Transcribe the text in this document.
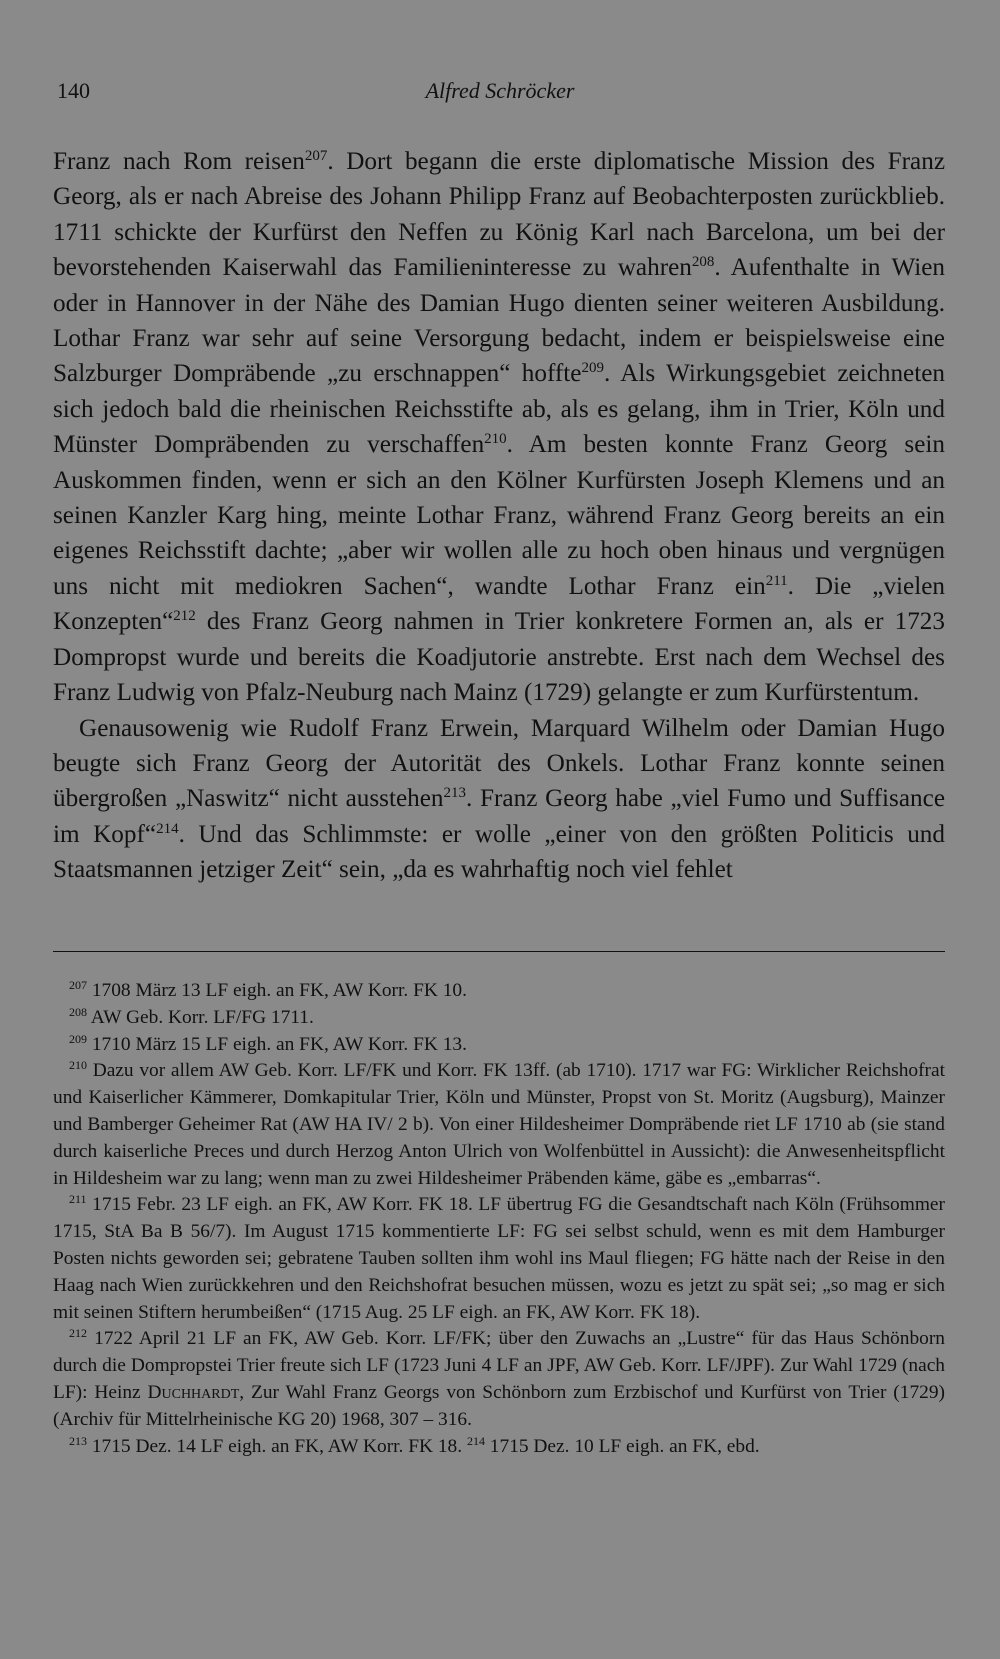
140	Alfred Schröcker

Franz nach Rom reisen$^{207}$. Dort begann die erste diplomatische Mission des Franz Georg, als er nach Abreise des Johann Philipp Franz auf Beobachterposten zurückblieb. 1711 schickte der Kurfürst den Neffen zu König Karl nach Barcelona, um bei der bevorstehenden Kaiserwahl das Familieninteresse zu wahren$^{208}$. Aufenthalte in Wien oder in Hannover in der Nähe des Damian Hugo dienten seiner weiteren Ausbildung. Lothar Franz war sehr auf seine Versorgung bedacht, indem er beispielsweise eine Salzburger Dompräbende „zu erschnappen“ hoffte$^{209}$. Als Wirkungsgebiet zeichneten sich jedoch bald die rheinischen Reichsstifte ab, als es gelang, ihm in Trier, Köln und Münster Dompräbenden zu verschaffen$^{210}$. Am besten konnte Franz Georg sein Auskommen finden, wenn er sich an den Kölner Kurfürsten Joseph Klemens und an seinen Kanzler Karg hing, meinte Lothar Franz, während Franz Georg bereits an ein eigenes Reichsstift dachte; „aber wir wollen alle zu hoch oben hinaus und vergnügen uns nicht mit mediokren Sachen“, wandte Lothar Franz ein$^{211}$. Die „vielen Konzepten“$^{212}$ des Franz Georg nahmen in Trier konkretere Formen an, als er 1723 Dompropst wurde und bereits die Koadjutorie anstrebte. Erst nach dem Wechsel des Franz Ludwig von Pfalz-Neuburg nach Mainz (1729) gelangte er zum Kurfürstentum.

Genausowenig wie Rudolf Franz Erwein, Marquard Wilhelm oder Damian Hugo beugte sich Franz Georg der Autorität des Onkels. Lothar Franz konnte seinen übergroßen „Naswitz“ nicht ausstehen$^{213}$. Franz Georg habe „viel Fumo und Suffisance im Kopf“$^{214}$. Und das Schlimmste: er wolle „einer von den größten Politicis und Staatsmannen jetziger Zeit“ sein, „da es wahrhaftig noch viel fehlet

$^{207}$ 1708 März 13 LF eigh. an FK, AW Korr. FK 10.

$^{208}$ AW Geb. Korr. LF/FG 1711.

$^{209}$ 1710 März 15 LF eigh. an FK, AW Korr. FK 13.

$^{210}$ Dazu vor allem AW Geb. Korr. LF/FK und Korr. FK 13ff. (ab 1710). 1717 war FG: Wirklicher Reichshofrat und Kaiserlicher Kämmerer, Domkapitular Trier, Köln und Münster, Propst von St. Moritz (Augsburg), Mainzer und Bamberger Geheimer Rat (AW HA IV/ 2 b). Von einer Hildesheimer Dompräbende riet LF 1710 ab (sie stand durch kaiserliche Preces und durch Herzog Anton Ulrich von Wolfenbüttel in Aussicht): die Anwesenheitspflicht in Hildesheim war zu lang; wenn man zu zwei Hildesheimer Präbenden käme, gäbe es „embarras“.

$^{211}$ 1715 Febr. 23 LF eigh. an FK, AW Korr. FK 18. LF übertrug FG die Gesandtschaft nach Köln (Frühsommer 1715, StA Ba B 56/7). Im August 1715 kommentierte LF: FG sei selbst schuld, wenn es mit dem Hamburger Posten nichts geworden sei; gebratene Tauben sollten ihm wohl ins Maul fliegen; FG hätte nach der Reise in den Haag nach Wien zurückkehren und den Reichshofrat besuchen müssen, wozu es jetzt zu spät sei; „so mag er sich mit seinen Stiftern herumbeißen“ (1715 Aug. 25 LF eigh. an FK, AW Korr. FK 18).

$^{212}$ 1722 April 21 LF an FK, AW Geb. Korr. LF/FK; über den Zuwachs an „Lustre“ für das Haus Schönborn durch die Dompropstei Trier freute sich LF (1723 Juni 4 LF an JPF, AW Geb. Korr. LF/JPF). Zur Wahl 1729 (nach LF): Heinz Duchhardt, Zur Wahl Franz Georgs von Schönborn zum Erzbischof und Kurfürst von Trier (1729) (Archiv für Mittelrheinische KG 20) 1968, 307 – 316.

$^{213}$ 1715 Dez. 14 LF eigh. an FK, AW Korr. FK 18. $^{214}$ 1715 Dez. 10 LF eigh. an FK, ebd.
